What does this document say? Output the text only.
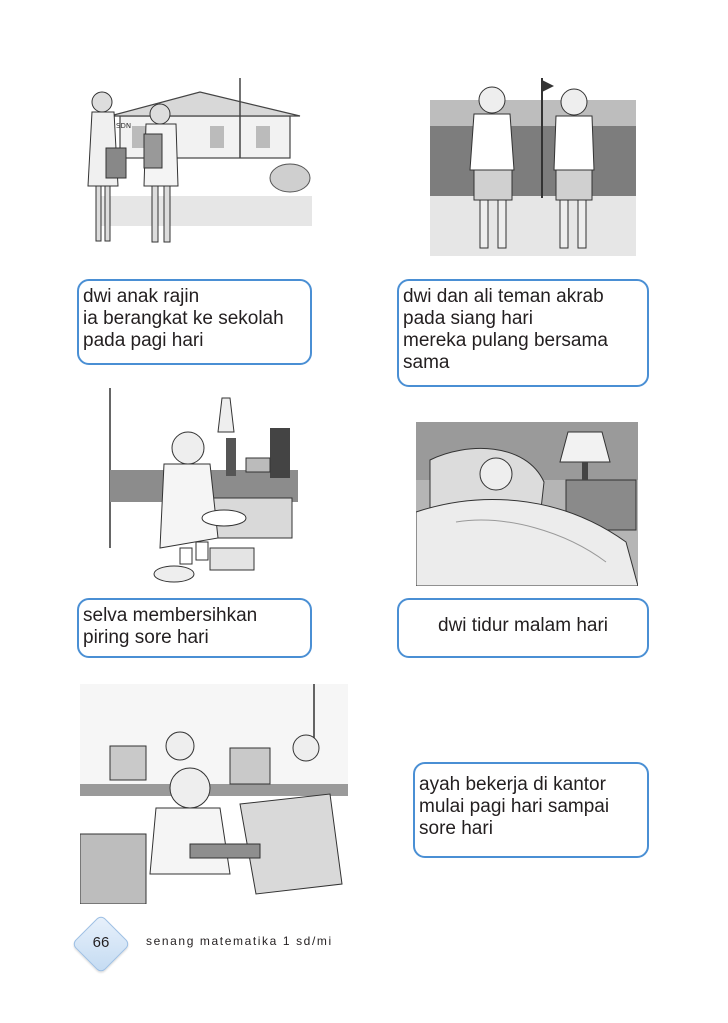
SDN
dwi anak rajin
ia berangkat ke sekolah
pada pagi hari
dwi dan ali teman akrab
pada siang hari
mereka pulang bersama
sama
selva membersihkan
piring sore hari
dwi tidur malam hari
ayah bekerja di kantor
mulai pagi hari sampai
sore hari
66	senang matematika 1 sd/mi
